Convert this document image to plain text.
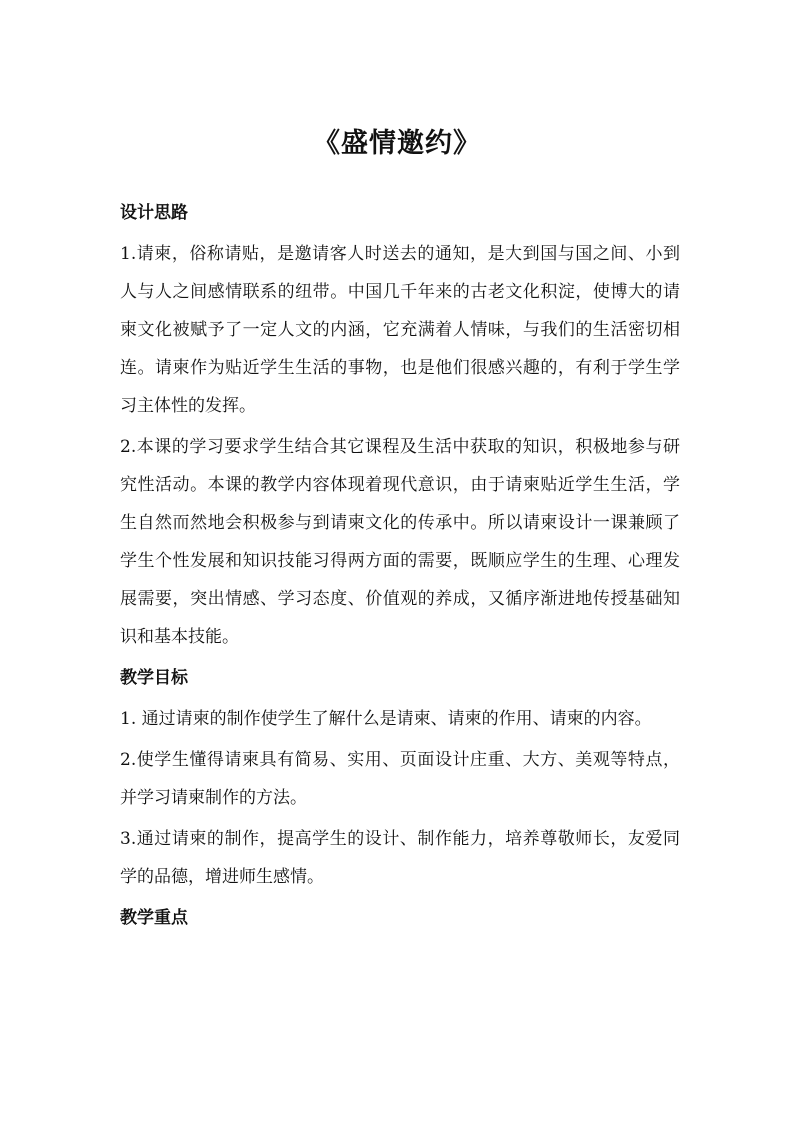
《盛情邀约》
设计思路
1.请柬，俗称请贴，是邀请客人时送去的通知，是大到国与国之间、小到人与人之间感情联系的纽带。中国几千年来的古老文化积淀，使博大的请柬文化被赋予了一定人文的内涵，它充满着人情味，与我们的生活密切相连。请柬作为贴近学生生活的事物，也是他们很感兴趣的，有利于学生学习主体性的发挥。
2.本课的学习要求学生结合其它课程及生活中获取的知识，积极地参与研究性活动。本课的教学内容体现着现代意识，由于请柬贴近学生生活，学生自然而然地会积极参与到请柬文化的传承中。所以请柬设计一课兼顾了学生个性发展和知识技能习得两方面的需要，既顺应学生的生理、心理发展需要，突出情感、学习态度、价值观的养成，又循序渐进地传授基础知识和基本技能。
教学目标
1. 通过请柬的制作使学生了解什么是请柬、请柬的作用、请柬的内容。
2.使学生懂得请柬具有简易、实用、页面设计庄重、大方、美观等特点，并学习请柬制作的方法。
3.通过请柬的制作，提高学生的设计、制作能力，培养尊敬师长，友爱同学的品德，增进师生感情。
教学重点
